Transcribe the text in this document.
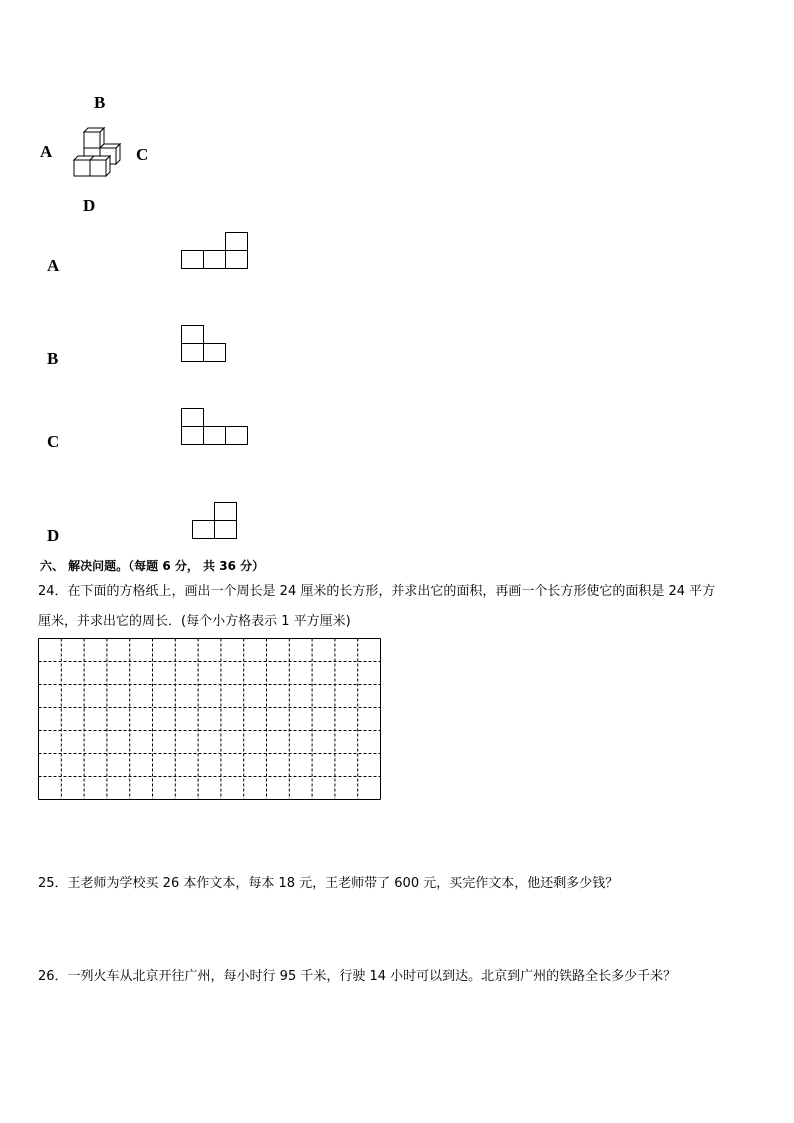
B
A	C
D
A
B
C
D
六、 解决问题。（每题 6 分， 共 36 分）
24．在下面的方格纸上，画出一个周长是 24 厘米的长方形，并求出它的面积，再画一个长方形使它的面积是 24 平方
厘米，并求出它的周长．(每个小方格表示 1 平方厘米)
25．王老师为学校买 26 本作文本，每本 18 元，王老师带了 600 元，买完作文本，他还剩多少钱？
26．一列火车从北京开往广州，每小时行 95 千米，行驶 14 小时可以到达。北京到广州的铁路全长多少千米？
